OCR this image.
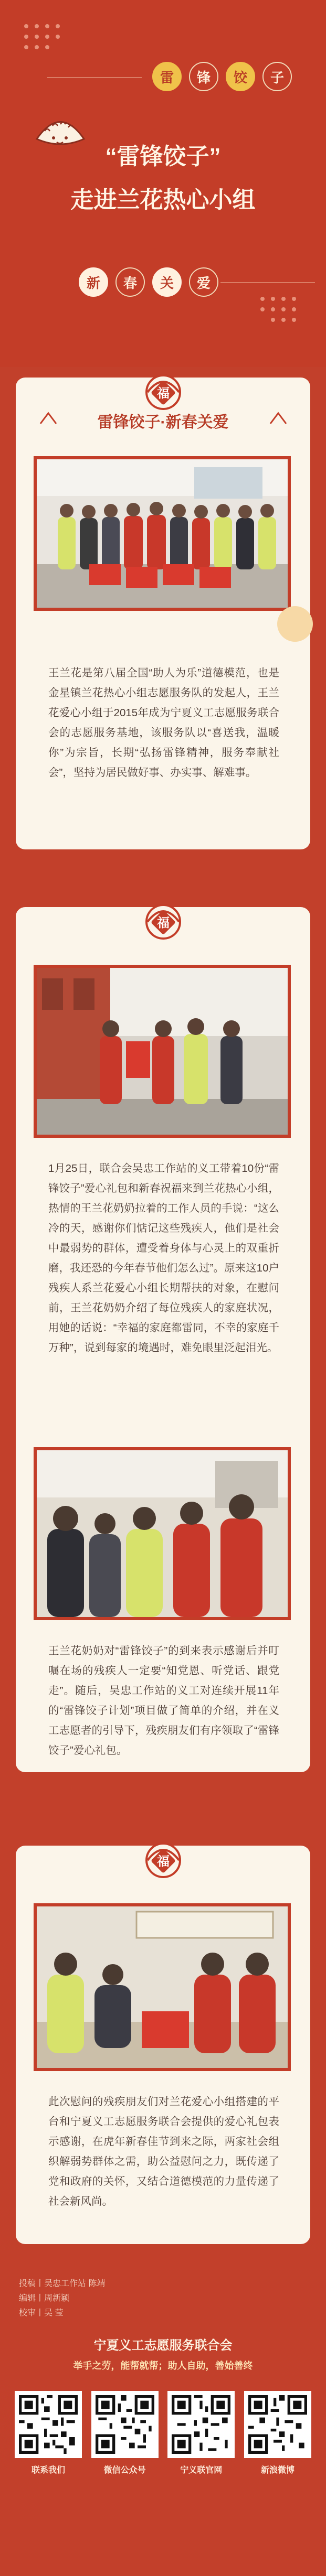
雷	锋	饺	子
“雷锋饺子”
走进兰花热心小组
新	春	关	爱
福
雷锋饺子·新春关爱
王兰花是第八届全国“助人为乐”道德模范，也是金星镇兰花热心小组志愿服务队的发起人，王兰花爱心小组于2015年成为宁夏义工志愿服务联合会的志愿服务基地，该服务队以“喜送我，温暖你”为宗旨，长期“弘扬雷锋精神，服务奉献社会”，坚持为居民做好事、办实事、解难事。
福
1月25日，联合会吴忠工作站的义工带着10份“雷锋饺子”爱心礼包和新春祝福来到兰花热心小组，热情的王兰花奶奶拉着的工作人员的手说：“这么冷的天，感谢你们惦记这些残疾人，他们是社会中最弱势的群体，遭受着身体与心灵上的双重折磨，我还恐的今年春节他们怎么过”。原来这10户残疾人系兰花爱心小组长期帮扶的对象，在慰问前，王兰花奶奶介绍了每位残疾人的家庭状况，用她的话说：“幸福的家庭都雷同，不幸的家庭千万种”，说到每家的境遇时，难免眼里泛起泪光。
王兰花奶奶对“雷锋饺子”的到来表示感谢后并叮嘱在场的残疾人一定要“知党恩、听党话、跟党走”。随后，吴忠工作站的义工对连续开展11年的“雷锋饺子计划”项目做了简单的介绍，并在义工志愿者的引导下，残疾朋友们有序领取了“雷锋饺子”爱心礼包。
福
此次慰问的残疾朋友们对兰花爱心小组搭建的平台和宁夏义工志愿服务联合会提供的爱心礼包表示感谢，在虎年新春佳节到来之际，两家社会组织解弱势群体之需，助公益慰问之力，既传递了党和政府的关怀，又结合道德模范的力量传递了社会新风尚。
投稿丨吴忠工作站 陈靖
编辑丨周新颖
校审丨吴 莹
宁夏义工志愿服务联合会
举手之劳，能帮就帮；助人自助，善始善终
联系我们	微信公众号	宁义联官网	新浪微博
